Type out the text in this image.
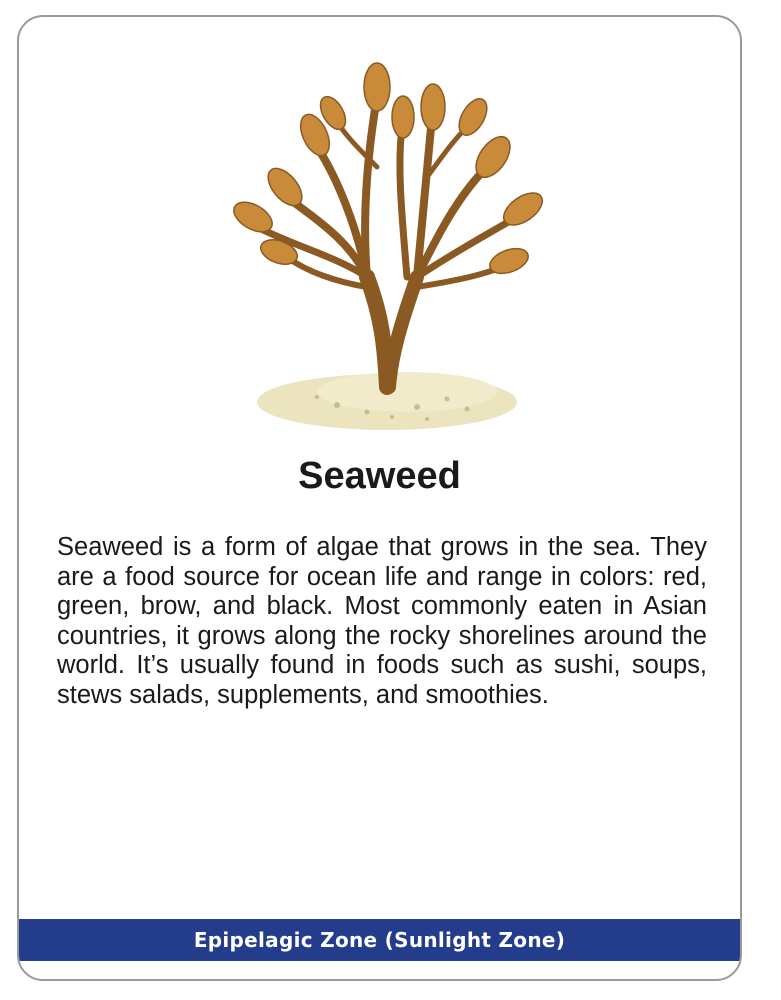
Seaweed

Seaweed is a form of algae that grows in the sea. They are a food source for ocean life and range in colors: red, green, brow, and black. Most commonly eaten in Asian countries, it grows along the rocky shorelines around the world. It’s usually found in foods such as sushi, soups, stews salads, supplements, and smoothies.

Epipelagic Zone (Sunlight Zone)
